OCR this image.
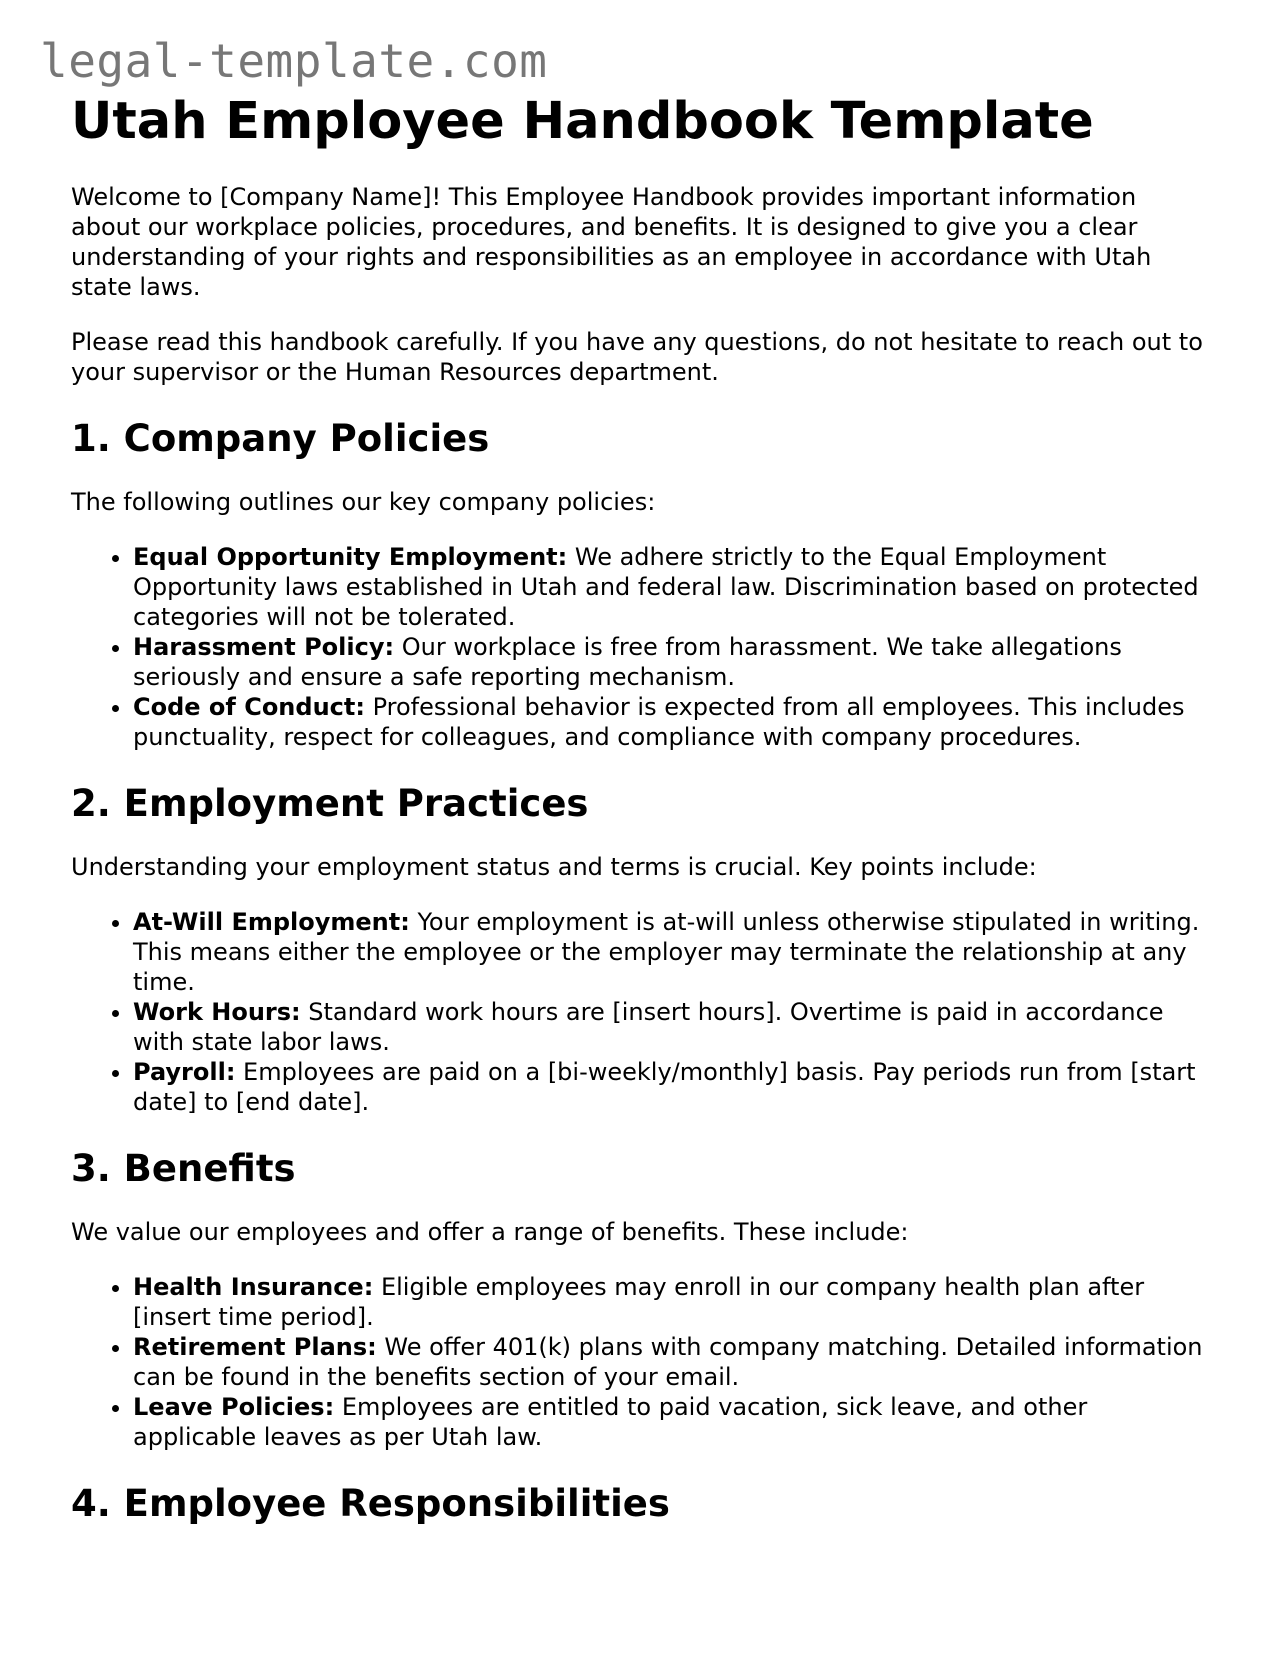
legal-template.com
Utah Employee Handbook Template

Welcome to [Company Name]! This Employee Handbook provides important information about our workplace policies, procedures, and benefits. It is designed to give you a clear understanding of your rights and responsibilities as an employee in accordance with Utah state laws.

Please read this handbook carefully. If you have any questions, do not hesitate to reach out to your supervisor or the Human Resources department.

1. Company Policies

The following outlines our key company policies:

• Equal Opportunity Employment: We adhere strictly to the Equal Employment Opportunity laws established in Utah and federal law. Discrimination based on protected categories will not be tolerated.
• Harassment Policy: Our workplace is free from harassment. We take allegations seriously and ensure a safe reporting mechanism.
• Code of Conduct: Professional behavior is expected from all employees. This includes punctuality, respect for colleagues, and compliance with company procedures.
2. Employment Practices

Understanding your employment status and terms is crucial. Key points include:

• At-Will Employment: Your employment is at-will unless otherwise stipulated in writing. This means either the employee or the employer may terminate the relationship at any time.
• Work Hours: Standard work hours are [insert hours]. Overtime is paid in accordance with state labor laws.
• Payroll: Employees are paid on a [bi-weekly/monthly] basis. Pay periods run from [start date] to [end date].
3. Benefits

We value our employees and offer a range of benefits. These include:

• Health Insurance: Eligible employees may enroll in our company health plan after [insert time period].
• Retirement Plans: We offer 401(k) plans with company matching. Detailed information can be found in the benefits section of your email.
• Leave Policies: Employees are entitled to paid vacation, sick leave, and other applicable leaves as per Utah law.
4. Employee Responsibilities
